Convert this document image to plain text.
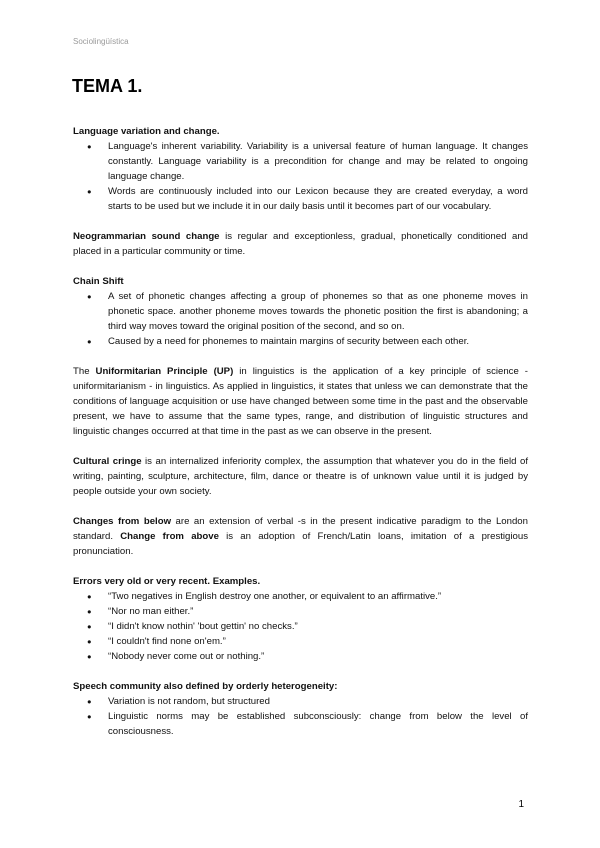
Sociolingüística
TEMA 1.

Language variation and change.

● Language's inherent variability. Variability is a universal feature of human language. It changes constantly. Language variability is a precondition for change and may be related to ongoing language change.
● Words are continuously included into our Lexicon because they are created everyday, a word starts to be used but we include it in our daily basis until it becomes part of our vocabulary.

Neogrammarian sound change is regular and exceptionless, gradual, phonetically conditioned and placed in a particular community or time.

Chain Shift

● A set of phonetic changes affecting a group of phonemes so that as one phoneme moves in phonetic space. another phoneme moves towards the phonetic position the first is abandoning; a third way moves toward the original position of the second, and so on.
● Caused by a need for phonemes to maintain margins of security between each other.

The Uniformitarian Principle (UP) in linguistics is the application of a key principle of science - uniformitarianism - in linguistics. As applied in linguistics, it states that unless we can demonstrate that the conditions of language acquisition or use have changed between some time in the past and the observable present, we have to assume that the same types, range, and distribution of linguistic structures and linguistic changes occurred at that time in the past as we can observe in the present.

Cultural cringe is an internalized inferiority complex, the assumption that whatever you do in the field of writing, painting, sculpture, architecture, film, dance or theatre is of unknown value until it is judged by people outside your own society.

Changes from below are an extension of verbal -s in the present indicative paradigm to the London standard. Change from above is an adoption of French/Latin loans, imitation of a prestigious pronunciation.

Errors very old or very recent. Examples.

● “Two negatives in English destroy one another, or equivalent to an affirmative.”
● “Nor no man either.”
● “I didn't know nothin' 'bout gettin' no checks.”
● “I couldn't find none on'em.”
● “Nobody never come out or nothing.”

Speech community also defined by orderly heterogeneity:

● Variation is not random, but structured
● Linguistic norms may be established subconsciously: change from below the level of consciousness.
1
